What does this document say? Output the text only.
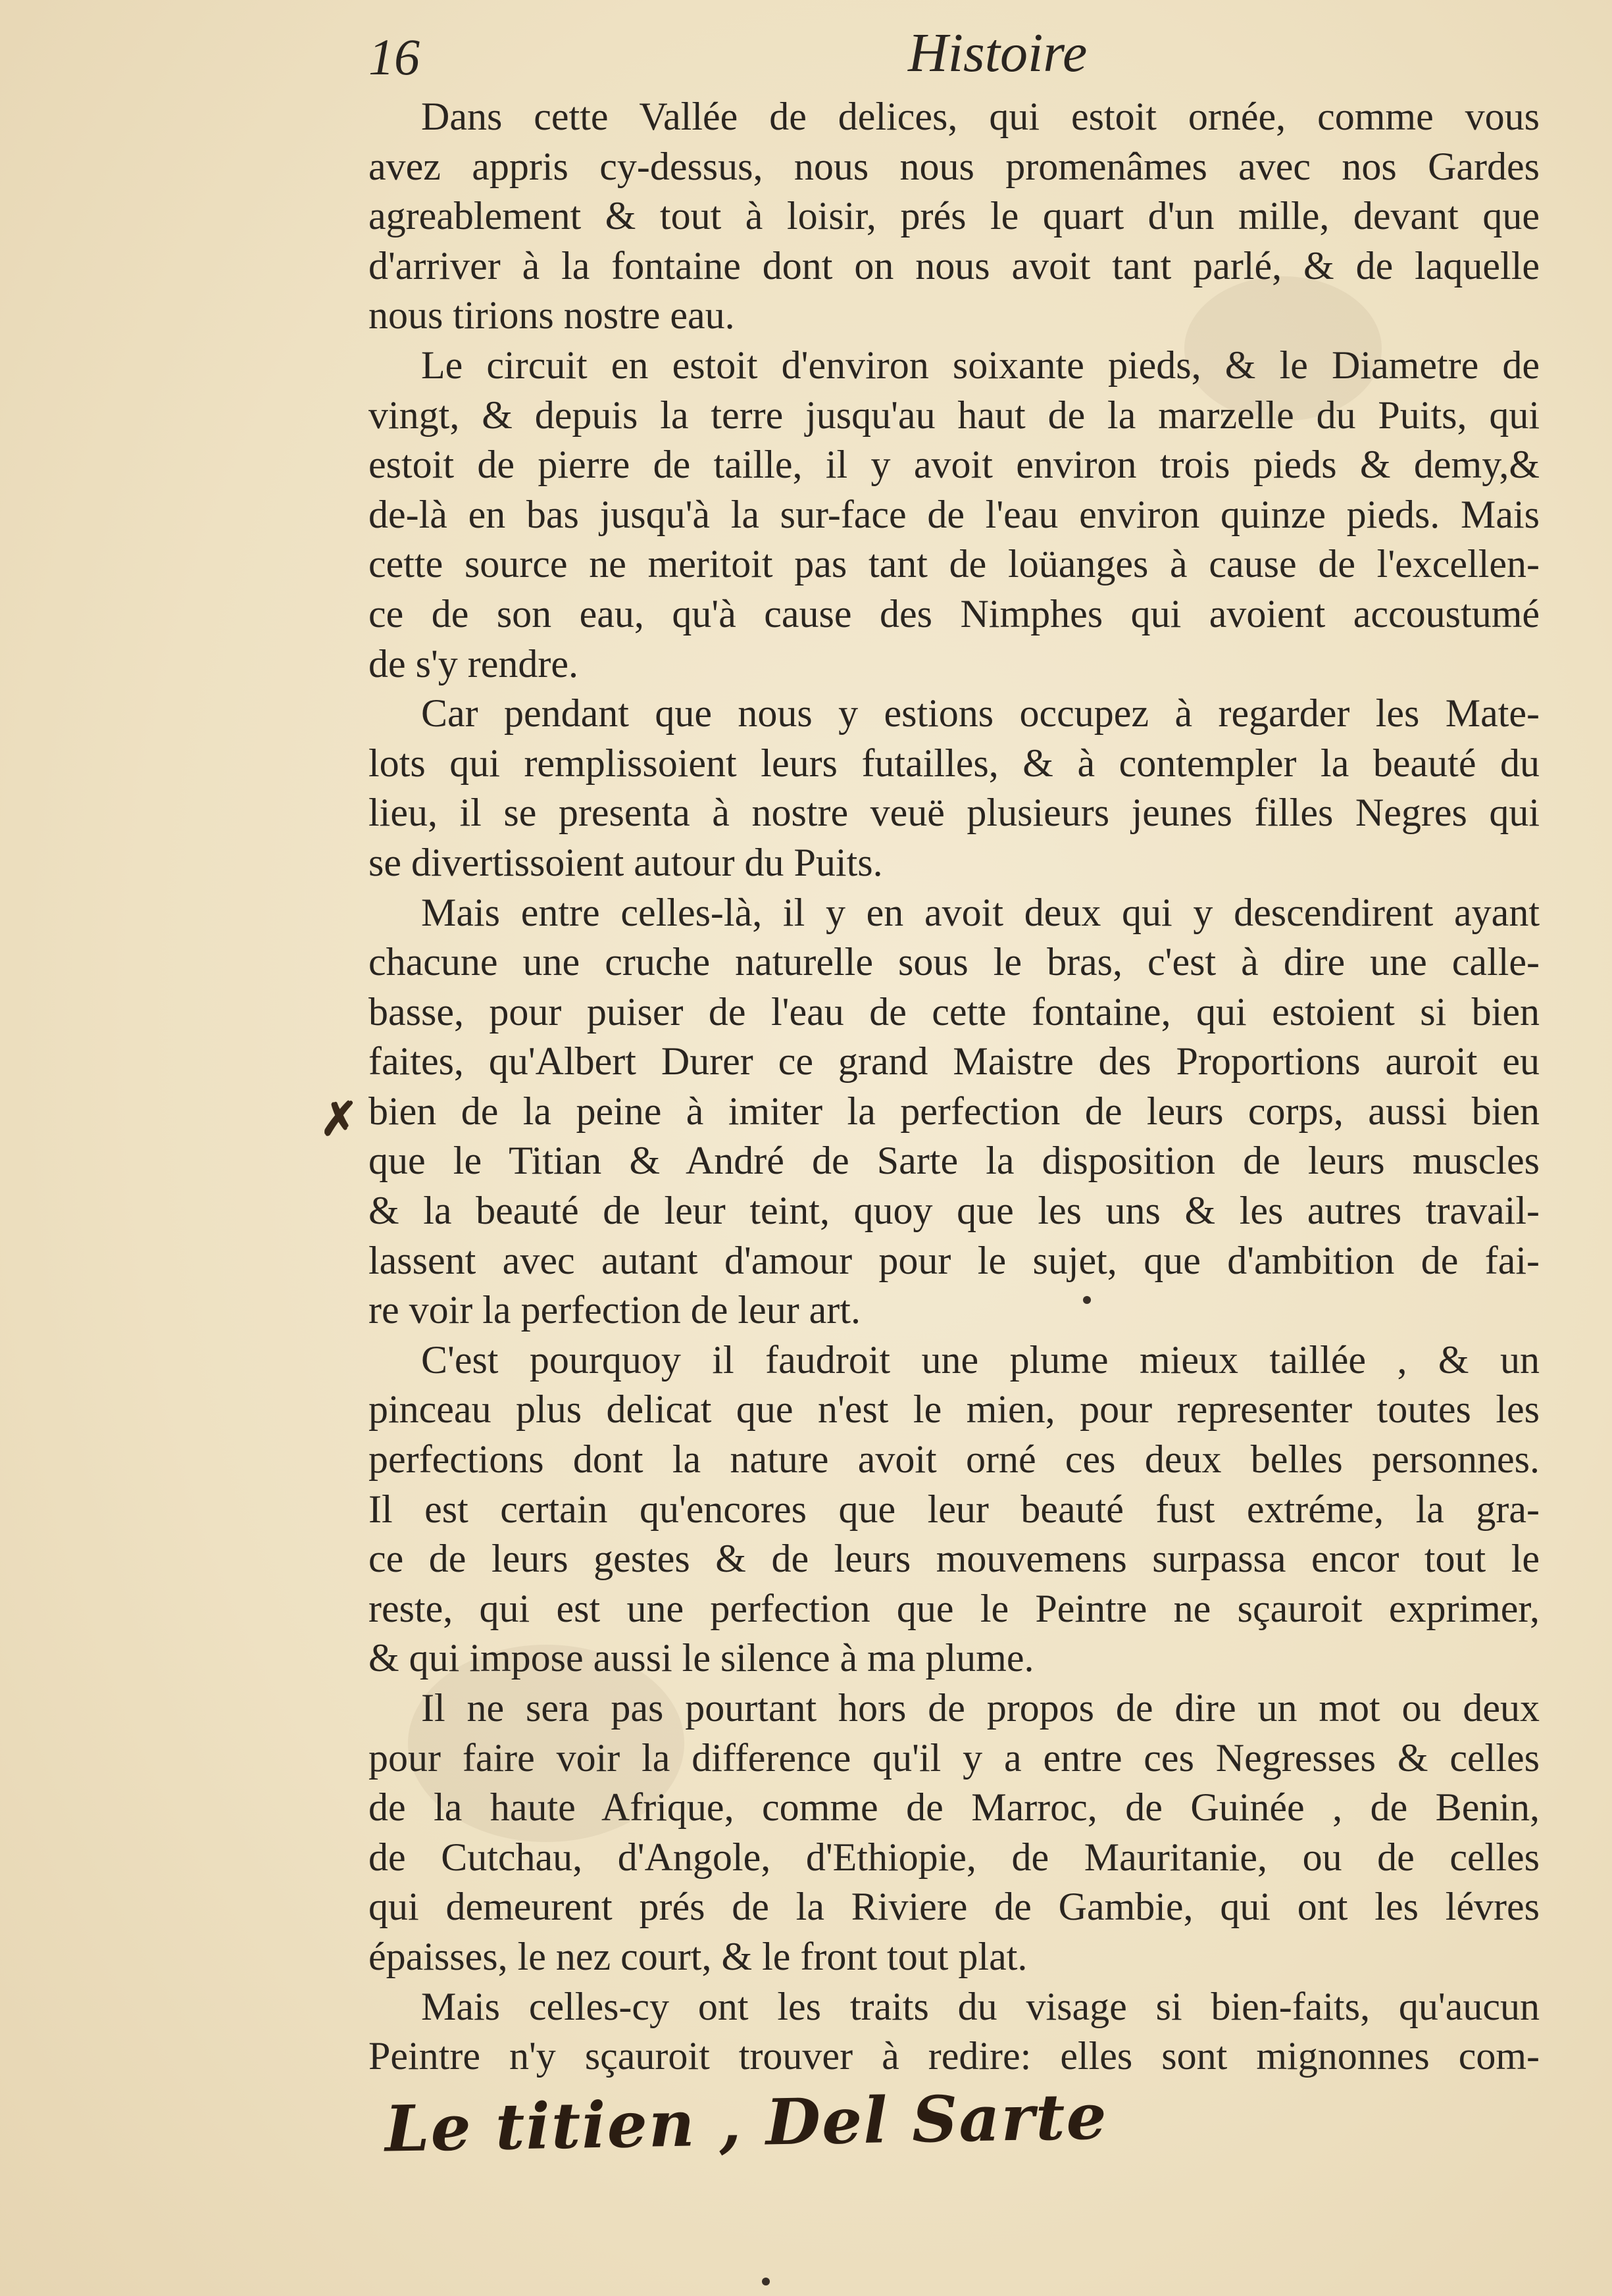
16	Histoire
Dans cette Vallée de delices, qui estoit ornée, comme vous
avez appris cy-dessus, nous nous promenâmes avec nos Gardes
agreablement & tout à loisir, prés le quart d'un mille, devant que
d'arriver à la fontaine dont on nous avoit tant parlé, & de laquelle
nous tirions nostre eau.
Le circuit en estoit d'environ soixante pieds, & le Diametre de
vingt, & depuis la terre jusqu'au haut de la marzelle du Puits, qui
estoit de pierre de taille, il y avoit environ trois pieds & demy,&
de-là en bas jusqu'à la sur-face de l'eau environ quinze pieds. Mais
cette source ne meritoit pas tant de loüanges à cause de l'excellen-
ce de son eau, qu'à cause des Nimphes qui avoient accoustumé
de s'y rendre.
Car pendant que nous y estions occupez à regarder les Mate-
lots qui remplissoient leurs futailles, & à contempler la beauté du
lieu, il se presenta à nostre veuë plusieurs jeunes filles Negres qui
se divertissoient autour du Puits.
Mais entre celles-là, il y en avoit deux qui y descendirent ayant
chacune une cruche naturelle sous le bras, c'est à dire une calle-
basse, pour puiser de l'eau de cette fontaine, qui estoient si bien
faites, qu'Albert Durer ce grand Maistre des Proportions auroit eu
bien de la peine à imiter la perfection de leurs corps, aussi bien
que le Titian & André de Sarte la disposition de leurs muscles
& la beauté de leur teint, quoy que les uns & les autres travail-
lassent avec autant d'amour pour le sujet, que d'ambition de fai-
re voir la perfection de leur art.
C'est pourquoy il faudroit une plume mieux taillée , & un
pinceau plus delicat que n'est le mien, pour representer toutes les
perfections dont la nature avoit orné ces deux belles personnes.
Il est certain qu'encores que leur beauté fust extréme, la gra-
ce de leurs gestes & de leurs mouvemens surpassa encor tout le
reste, qui est une perfection que le Peintre ne sçauroit exprimer,
& qui impose aussi le silence à ma plume.
Il ne sera pas pourtant hors de propos de dire un mot ou deux
pour faire voir la difference qu'il y a entre ces Negresses & celles
de la haute Afrique, comme de Marroc, de Guinée , de Benin,
de Cutchau, d'Angole, d'Ethiopie, de Mauritanie, ou de celles
qui demeurent prés de la Riviere de Gambie, qui ont les lévres
épaisses, le nez court, & le front tout plat.
Mais celles-cy ont les traits du visage si bien-faits, qu'aucun
Peintre n'y sçauroit trouver à redire: elles sont mignonnes com-
✗
Le titien , Del Sarte
